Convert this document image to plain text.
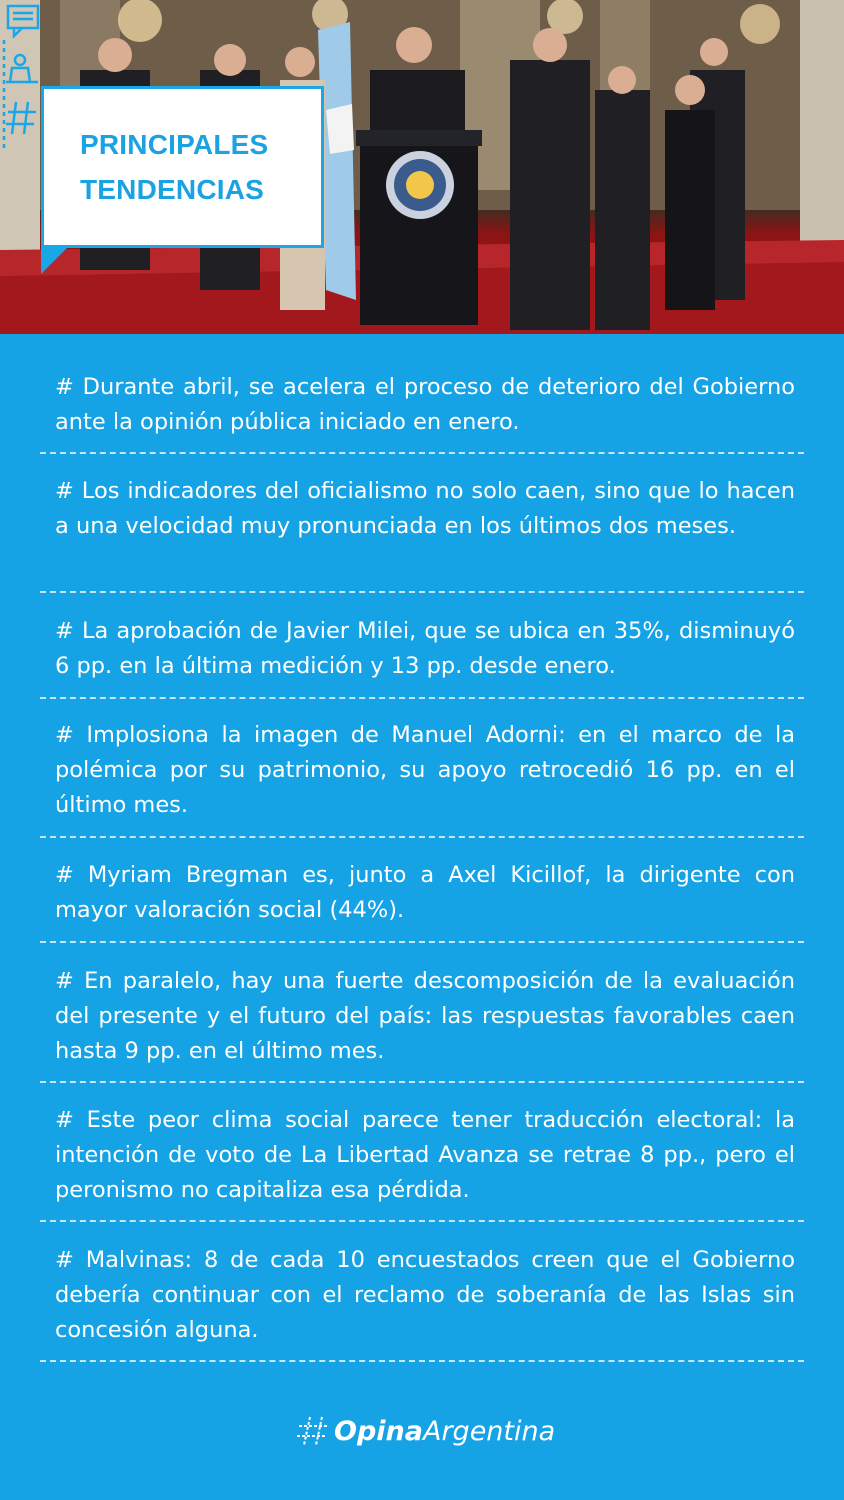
PRINCIPALES
TENDENCIAS
# Durante abril, se acelera el proceso de deterioro del Gobierno ante la opinión pública iniciado en enero.
# Los indicadores del oficialismo no solo caen, sino que lo hacen a una velocidad muy pronunciada en los últimos dos meses.
# La aprobación de Javier Milei, que se ubica en 35%, disminuyó 6 pp. en la última medición y 13 pp. desde enero.
# Implosiona la imagen de Manuel Adorni: en el marco de la polémica por su patrimonio, su apoyo retrocedió 16 pp. en el último mes.
# Myriam Bregman es, junto a Axel Kicillof, la dirigente con mayor valoración social (44%).
# En paralelo, hay una fuerte descomposición de la evaluación del presente y el futuro del país: las respuestas favorables caen hasta 9 pp. en el último mes.
# Este peor clima social parece tener traducción electoral: la intención de voto de La Libertad Avanza se retrae 8 pp., pero el peronismo no capitaliza esa pérdida.
# Malvinas: 8 de cada 10 encuestados creen que el Gobierno debería continuar con el reclamo de soberanía de las Islas sin concesión alguna.
Opina Argentina
